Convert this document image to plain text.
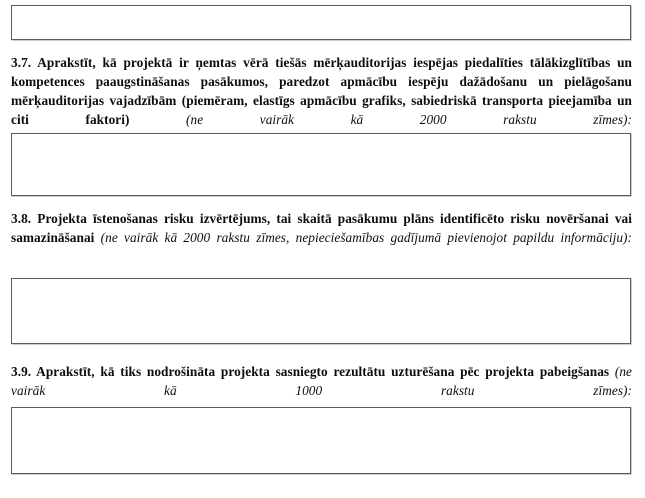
3.7. Aprakstīt, kā projektā ir ņemtas vērā tiešās mērķauditorijas iespējas piedalīties tālākizglītības un kompetences paaugstināšanas pasākumos, paredzot apmācību iespēju dažādošanu un pielāgošanu mērķauditorijas vajadzībām (piemēram, elastīgs apmācību grafiks, sabiedriskā transporta pieejamība un citi faktori)	(ne vairāk kā 2000 rakstu zīmes):
3.8. Projekta īstenošanas risku izvērtējums, tai skaitā pasākumu plāns identificēto risku novēršanai vai samazināšanai (ne vairāk kā 2000 rakstu zīmes, nepieciešamības gadījumā pievienojot papildu informāciju):
3.9. Aprakstīt, kā tiks nodrošināta projekta sasniegto rezultātu uzturēšana pēc projekta pabeigšanas (ne vairāk kā 1000 rakstu zīmes):
